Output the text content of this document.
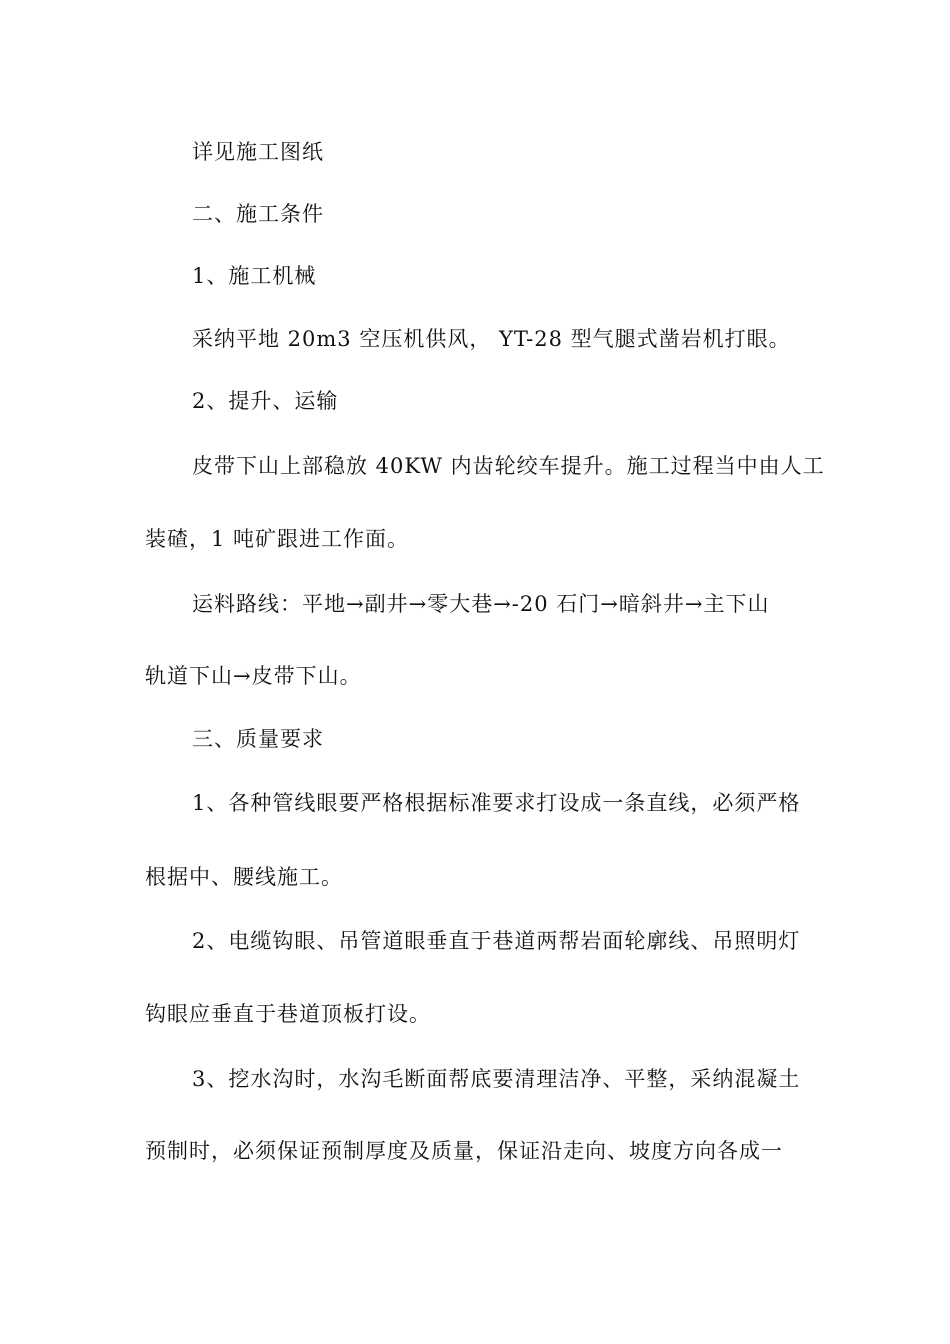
详见施工图纸
二、施工条件
1、施工机械
采纳平地 20m3 空压机供风， YT-28 型气腿式凿岩机打眼。
2、提升、运输
皮带下山上部稳放 40KW 内齿轮绞车提升。施工过程当中由人工
装碴，1 吨矿跟进工作面。
运料路线：平地→副井→零大巷→-20 石门→暗斜井→主下山
轨道下山→皮带下山。
三、质量要求
1、各种管线眼要严格根据标准要求打设成一条直线，必须严格
根据中、腰线施工。
2、电缆钩眼、吊管道眼垂直于巷道两帮岩面轮廓线、吊照明灯
钩眼应垂直于巷道顶板打设。
3、挖水沟时，水沟毛断面帮底要清理洁净、平整，采纳混凝土
预制时，必须保证预制厚度及质量，保证沿走向、坡度方向各成一
